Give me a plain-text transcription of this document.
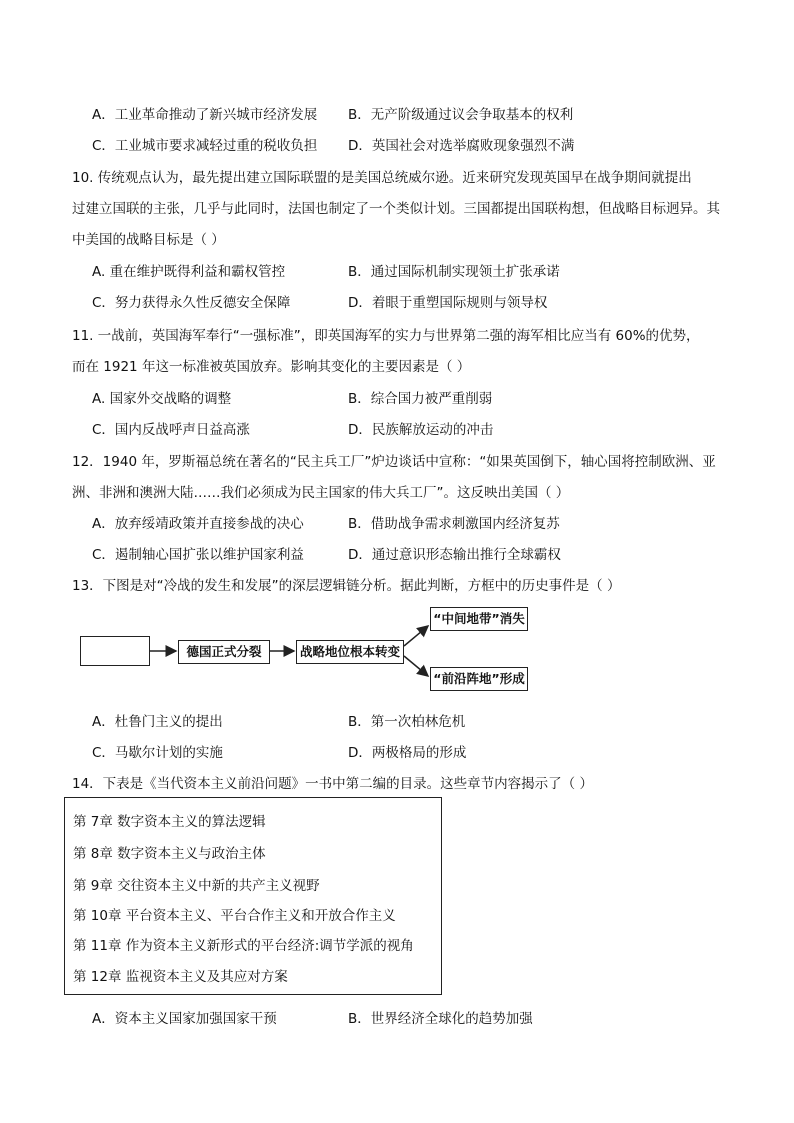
A．工业革命推动了新兴城市经济发展 B．无产阶级通过议会争取基本的权利
C．工业城市要求减轻过重的税收负担 D．英国社会对选举腐败现象强烈不满
10. 传统观点认为，最先提出建立国际联盟的是美国总统威尔逊。近来研究发现英国早在战争期间就提出
过建立国联的主张，几乎与此同时，法国也制定了一个类似计划。三国都提出国联构想，但战略目标迥异。其
中美国的战略目标是（ ）
A. 重在维护既得利益和霸权管控	B．通过国际机制实现领土扩张承诺
C．努力获得永久性反德安全保障	D．着眼于重塑国际规则与领导权
11. 一战前，英国海军奉行“一强标准”，即英国海军的实力与世界第二强的海军相比应当有 60%的优势，
而在 1921 年这一标准被英国放弃。影响其变化的主要因素是（ ）
A. 国家外交战略的调整	B．综合国力被严重削弱
C．国内反战呼声日益高涨	D．民族解放运动的冲击
12．1940 年，罗斯福总统在著名的“民主兵工厂”炉边谈话中宣称：“如果英国倒下，轴心国将控制欧洲、亚
洲、非洲和澳洲大陆……我们必须成为民主国家的伟大兵工厂”。这反映出美国（ ）
A．放弃绥靖政策并直接参战的决心	B．借助战争需求刺激国内经济复苏
C．遏制轴心国扩张以维护国家利益	D．通过意识形态输出推行全球霸权
13．下图是对“冷战的发生和发展”的深层逻辑链分析。据此判断，方框中的历史事件是（ ）
德国正式分裂	战略地位根本转变
“中间地带”消失
“前沿阵地”形成
A．杜鲁门主义的提出	B．第一次柏林危机
C．马歇尔计划的实施	D．两极格局的形成
14．下表是《当代资本主义前沿问题》一书中第二编的目录。这些章节内容揭示了（ ）
第 7章 数字资本主义的算法逻辑
第 8章 数字资本主义与政治主体
第 9章 交往资本主义中新的共产主义视野
第 10章 平台资本主义、平台合作主义和开放合作主义
第 11章 作为资本主义新形式的平台经济:调节学派的视角
第 12章 监视资本主义及其应对方案
A．资本主义国家加强国家干预	B．世界经济全球化的趋势加强
